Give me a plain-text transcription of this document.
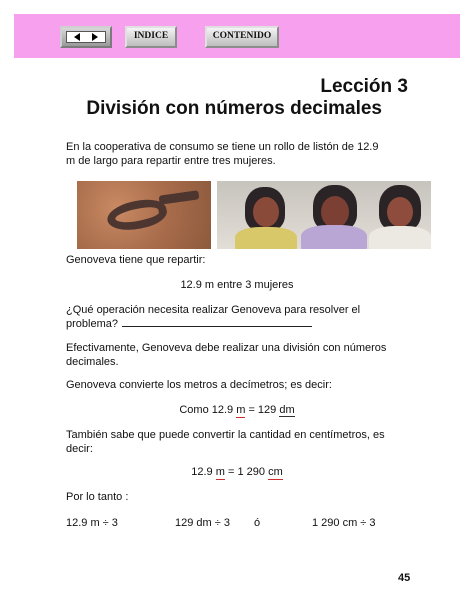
INDICE	CONTENIDO
Lección 3
División con números decimales

En la cooperativa de consumo se tiene un rollo de listón de 12.9

m de largo para repartir entre tres mujeres.

Genoveva tiene que repartir:

12.9 m entre 3 mujeres

¿Qué operación necesita realizar Genoveva para resolver el

problema?

Efectivamente, Genoveva debe realizar una división con números

decimales.

Genoveva convierte los metros a decímetros; es decir:

Como 12.9 m = 129 dm

También sabe que puede convertir la cantidad en centímetros, es

decir:

12.9 m = 1 290 cm

Por lo tanto :

12.9 m ÷ 3	129 dm ÷ 3 ó	1 290 cm ÷ 3

45
